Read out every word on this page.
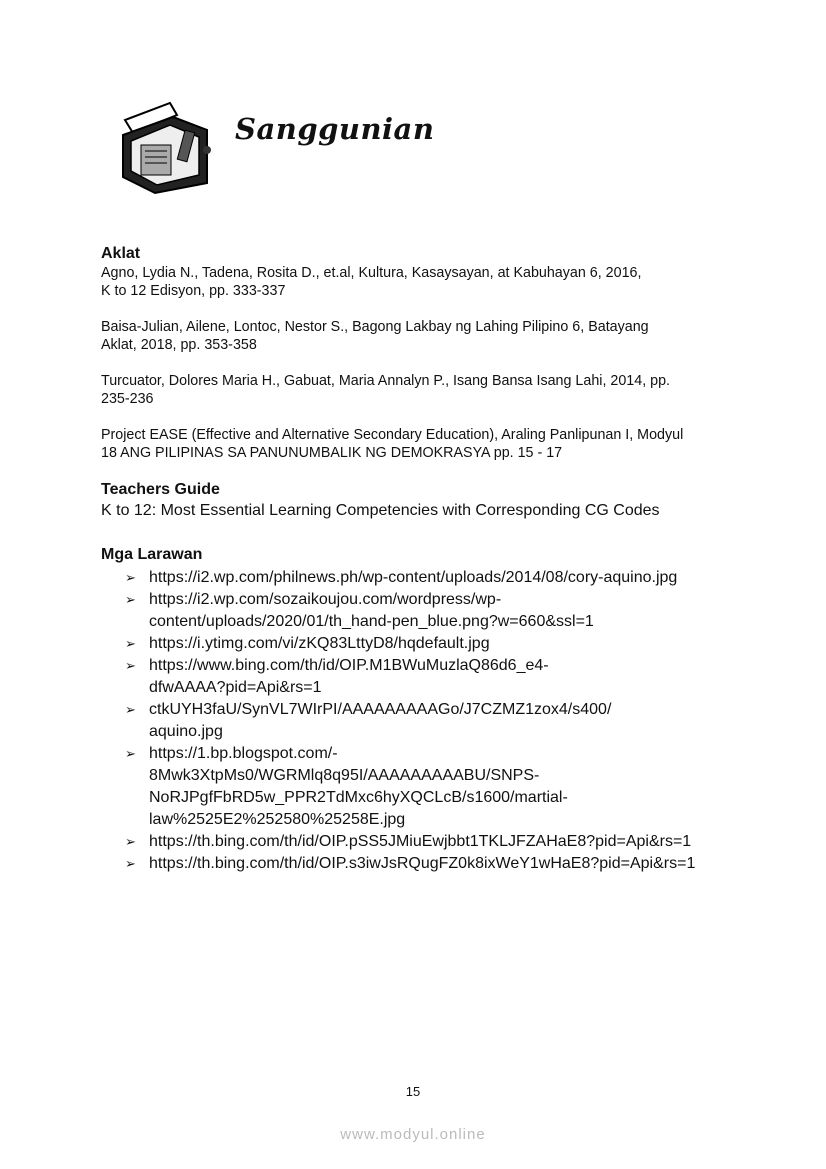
Sanggunian
Aklat
Agno, Lydia N., Tadena, Rosita D., et.al, Kultura, Kasaysayan, at Kabuhayan 6, 2016,
K to 12 Edisyon, pp. 333-337
Baisa-Julian, Ailene, Lontoc, Nestor S., Bagong Lakbay ng Lahing Pilipino 6, Batayang
Aklat, 2018, pp. 353-358
Turcuator, Dolores Maria H., Gabuat, Maria Annalyn P., Isang Bansa Isang Lahi, 2014, pp.
235-236
Project EASE (Effective and Alternative Secondary Education), Araling Panlipunan I, Modyul
18 ANG PILIPINAS SA PANUNUMBALIK NG DEMOKRASYA pp. 15 - 17
Teachers Guide
K to 12: Most Essential Learning Competencies with Corresponding CG Codes
Mga Larawan
➢ https://i2.wp.com/philnews.ph/wp-content/uploads/2014/08/cory-aquino.jpg
➢ https://i2.wp.com/sozaikoujou.com/wordpress/wp-
content/uploads/2020/01/th_hand-pen_blue.png?w=660&ssl=1
➢ https://i.ytimg.com/vi/zKQ83LttyD8/hqdefault.jpg
➢ https://www.bing.com/th/id/OIP.M1BWuMuzlaQ86d6_e4-
dfwAAAA?pid=Api&rs=1
➢ ctkUYH3faU/SynVL7WIrPI/AAAAAAAAAGo/J7CZMZ1zox4/s400/
aquino.jpg
➢ https://1.bp.blogspot.com/-
8Mwk3XtpMs0/WGRMlq8q95I/AAAAAAAAABU/SNPS-
NoRJPgfFbRD5w_PPR2TdMxc6hyXQCLcB/s1600/martial-
law%2525E2%252580%25258E.jpg
➢ https://th.bing.com/th/id/OIP.pSS5JMiuEwjbbt1TKLJFZAHaE8?pid=Api&rs=1
➢ https://th.bing.com/th/id/OIP.s3iwJsRQugFZ0k8ixWeY1wHaE8?pid=Api&rs=1
15
www.modyul.online
